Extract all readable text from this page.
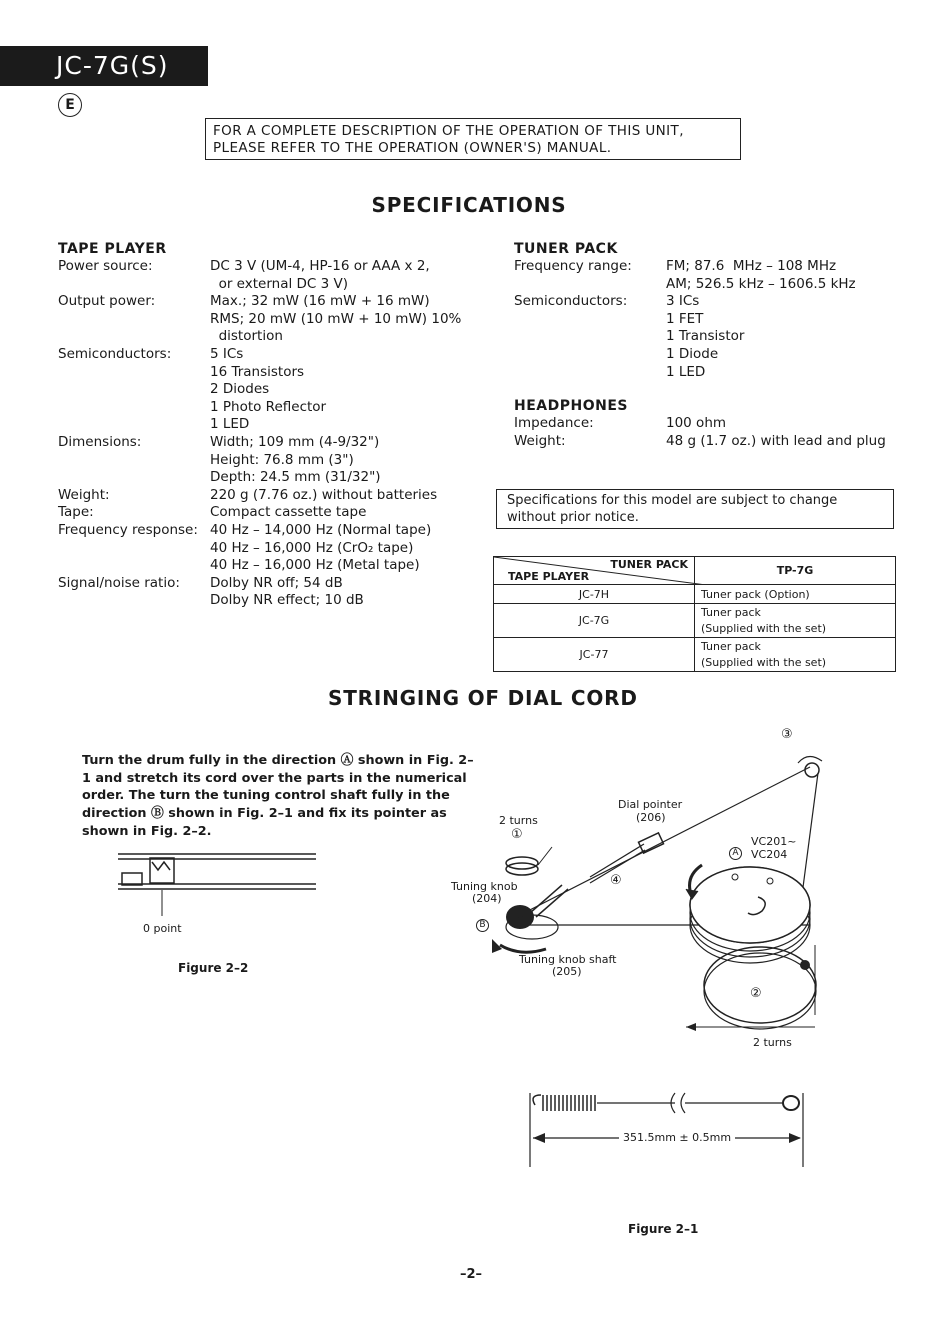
JC-7G(S)
E
FOR A COMPLETE DESCRIPTION OF THE OPERATION OF THIS UNIT, PLEASE REFER TO THE OPERATION (OWNER'S) MANUAL.
SPECIFICATIONS
TAPE PLAYER
Power source:	DC 3 V (UM-4, HP-16 or AAA x 2,
or external DC 3 V)
Output power:	Max.; 32 mW (16 mW + 16 mW)
RMS; 20 mW (10 mW + 10 mW) 10%
distortion
Semiconductors:	5 ICs
16 Transistors
2 Diodes
1 Photo Reflector
1 LED
Dimensions:	Width; 109 mm (4-9/32")
Height: 76.8 mm (3")
Depth: 24.5 mm (31/32")
Weight:	220 g (7.76 oz.) without batteries
Tape:	Compact cassette tape
Frequency response: 40 Hz – 14,000 Hz (Normal tape)
40 Hz – 16,000 Hz (CrO₂ tape)
40 Hz – 16,000 Hz (Metal tape)
Signal/noise ratio: Dolby NR off; 54 dB
Dolby NR effect; 10 dB
TUNER PACK
Frequency range:	FM; 87.6  MHz – 108 MHz
AM; 526.5 kHz – 1606.5 kHz
Semiconductors:	3 ICs
1 FET
1 Transistor
1 Diode
1 LED
HEADPHONES
Impedance:	100 ohm
Weight:	48 g (1.7 oz.) with lead and plug
Specifications for this model are subject to change without prior notice.
TUNER PACK
TAPE PLAYER	TP-7G
JC-7H	Tuner pack (Option)
JC-7G	Tuner pack
(Supplied with the set)
JC-77	Tuner pack
(Supplied with the set)
STRINGING OF DIAL CORD
Turn the drum fully in the direction Ⓐ shown in Fig. 2–1 and stretch its cord over the parts in the numerical order. The turn the tuning control shaft fully in the direction Ⓑ shown in Fig. 2–1 and fix its pointer as shown in Fig. 2–2.
0 point
Figure 2–2
③
Dial pointer
(206)
2 turns
①	VC201~
VC204
A
④
Tuning knob
(204)
B
Tuning knob shaft
(205)
②
2 turns
351.5mm ± 0.5mm
Figure 2–1
–2–
